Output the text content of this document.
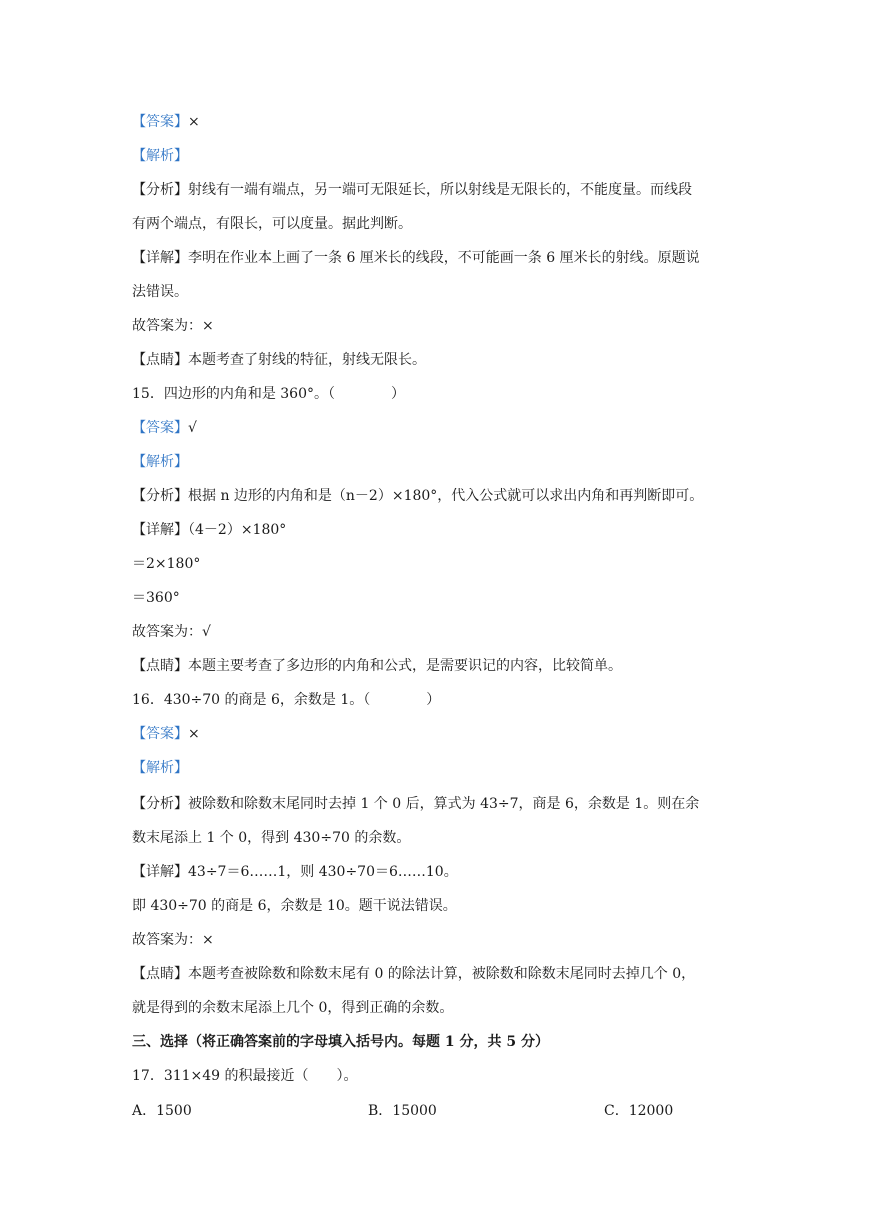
【答案】×
【解析】
【分析】射线有一端有端点，另一端可无限延长，所以射线是无限长的，不能度量。而线段
有两个端点，有限长，可以度量。据此判断。
【详解】李明在作业本上画了一条 6 厘米长的线段，不可能画一条 6 厘米长的射线。原题说
法错误。
故答案为：×
【点睛】本题考查了射线的特征，射线无限长。
15．四边形的内角和是 360°。（　　　　）
【答案】√
【解析】
【分析】根据 n 边形的内角和是（n－2）×180°，代入公式就可以求出内角和再判断即可。
【详解】（4－2）×180°
＝2×180°
＝360°
故答案为：√
【点睛】本题主要考查了多边形的内角和公式，是需要识记的内容，比较简单。
16．430÷70 的商是 6，余数是 1。（　　　　）
【答案】×
【解析】
【分析】被除数和除数末尾同时去掉 1 个 0 后，算式为 43÷7，商是 6，余数是 1。则在余
数末尾添上 1 个 0，得到 430÷70 的余数。
【详解】43÷7＝6……1，则 430÷70＝6……10。
即 430÷70 的商是 6，余数是 10。题干说法错误。
故答案为：×
【点睛】本题考查被除数和除数末尾有 0 的除法计算，被除数和除数末尾同时去掉几个 0，
就是得到的余数末尾添上几个 0，得到正确的余数。
三、选择（将正确答案前的字母填入括号内。每题 1 分，共 5 分）
17．311×49 的积最接近（　　）。
A．1500	B．15000	C．12000
